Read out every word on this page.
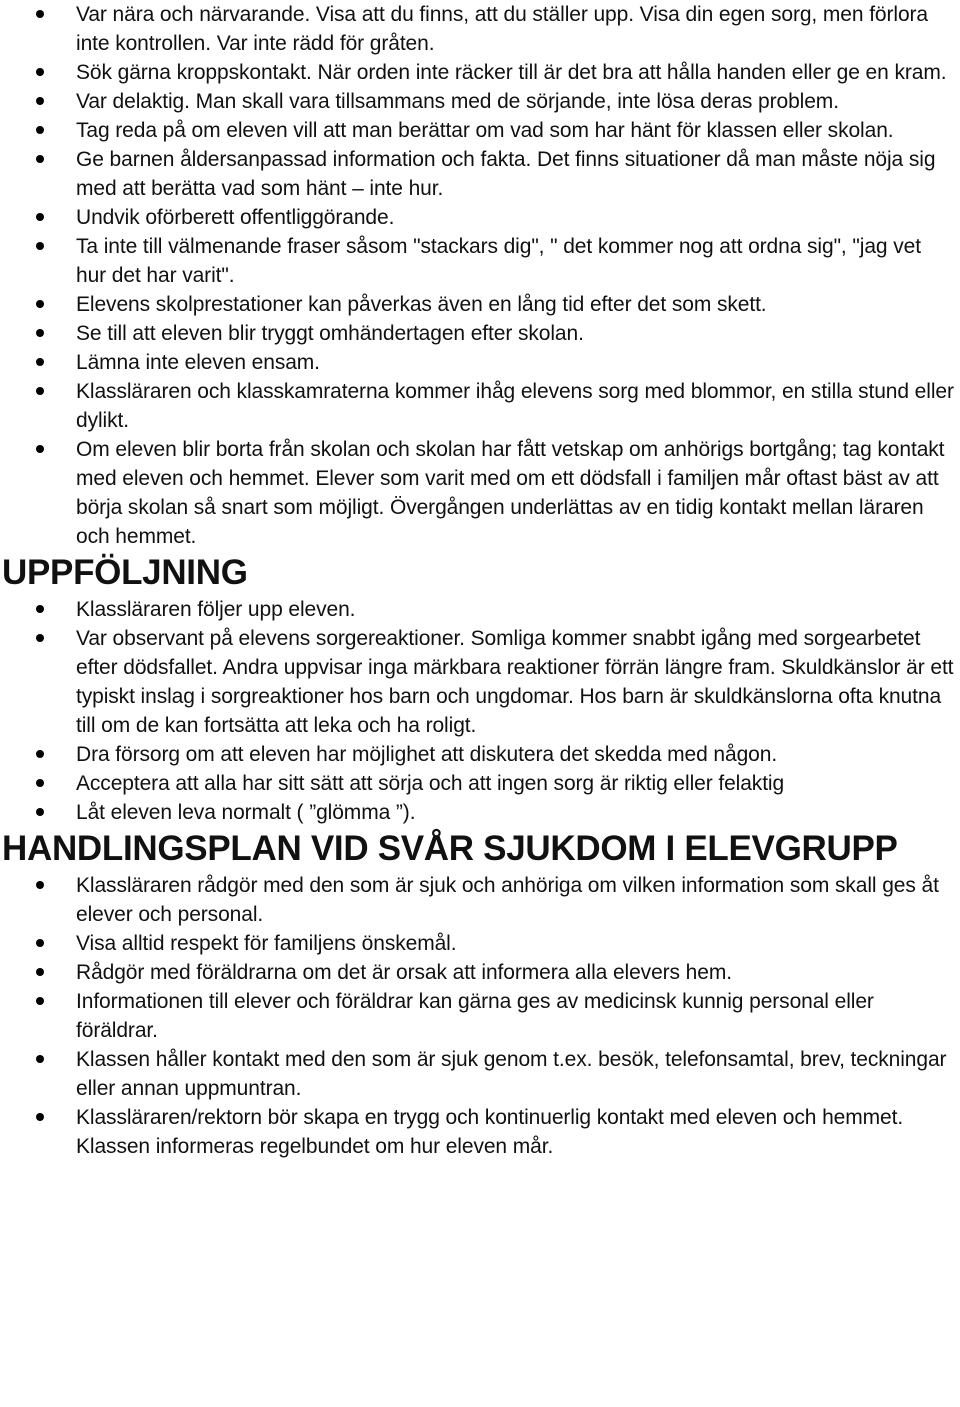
Var nära och närvarande. Visa att du finns, att du ställer upp. Visa din egen sorg, men förlora inte kontrollen. Var inte rädd för gråten.
Sök gärna kroppskontakt. När orden inte räcker till är det bra att hålla handen eller ge en kram.
Var delaktig. Man skall vara tillsammans med de sörjande, inte lösa deras problem.
Tag reda på om eleven vill att man berättar om vad som har hänt för klassen eller skolan.
Ge barnen åldersanpassad information och fakta. Det finns situationer då man måste nöja sig med att berätta vad som hänt – inte hur.
Undvik oförberett offentliggörande.
Ta inte till välmenande fraser såsom "stackars dig", " det kommer nog att ordna sig", "jag vet hur det har varit".
Elevens skolprestationer kan påverkas även en lång tid efter det som skett.
Se till att eleven blir tryggt omhändertagen efter skolan.
Lämna inte eleven ensam.
Klassläraren och klasskamraterna kommer ihåg elevens sorg med blommor, en stilla stund eller dylikt.
Om eleven blir borta från skolan och skolan har fått vetskap om anhörigs bortgång; tag kontakt med eleven och hemmet. Elever som varit med om ett dödsfall i familjen mår oftast bäst av att börja skolan så snart som möjligt. Övergången underlättas av en tidig kontakt mellan läraren och hemmet.
UPPFÖLJNING
Klassläraren följer upp eleven.
Var observant på elevens sorgereaktioner. Somliga kommer snabbt igång med sorgearbetet efter dödsfallet. Andra uppvisar inga märkbara reaktioner förrän längre fram. Skuldkänslor är ett typiskt inslag i sorgreaktioner hos barn och ungdomar. Hos barn är skuldkänslorna ofta knutna till om de kan fortsätta att leka och ha roligt.
Dra försorg om att eleven har möjlighet att diskutera det skedda med någon.
Acceptera att alla har sitt sätt att sörja och att ingen sorg är riktig eller felaktig
Låt eleven leva normalt ( ”glömma ”).
HANDLINGSPLAN VID SVÅR SJUKDOM I ELEVGRUPP
Klassläraren rådgör med den som är sjuk och anhöriga om vilken information som skall ges åt elever och personal.
Visa alltid respekt för familjens önskemål.
Rådgör med föräldrarna om det är orsak att informera alla elevers hem.
Informationen till elever och föräldrar kan gärna ges av medicinsk kunnig personal eller föräldrar.
Klassen håller kontakt med den som är sjuk genom t.ex. besök, telefonsamtal, brev, teckningar eller annan uppmuntran.
Klassläraren/rektorn bör skapa en trygg och kontinuerlig kontakt med eleven och hemmet. Klassen informeras regelbundet om hur eleven mår.
